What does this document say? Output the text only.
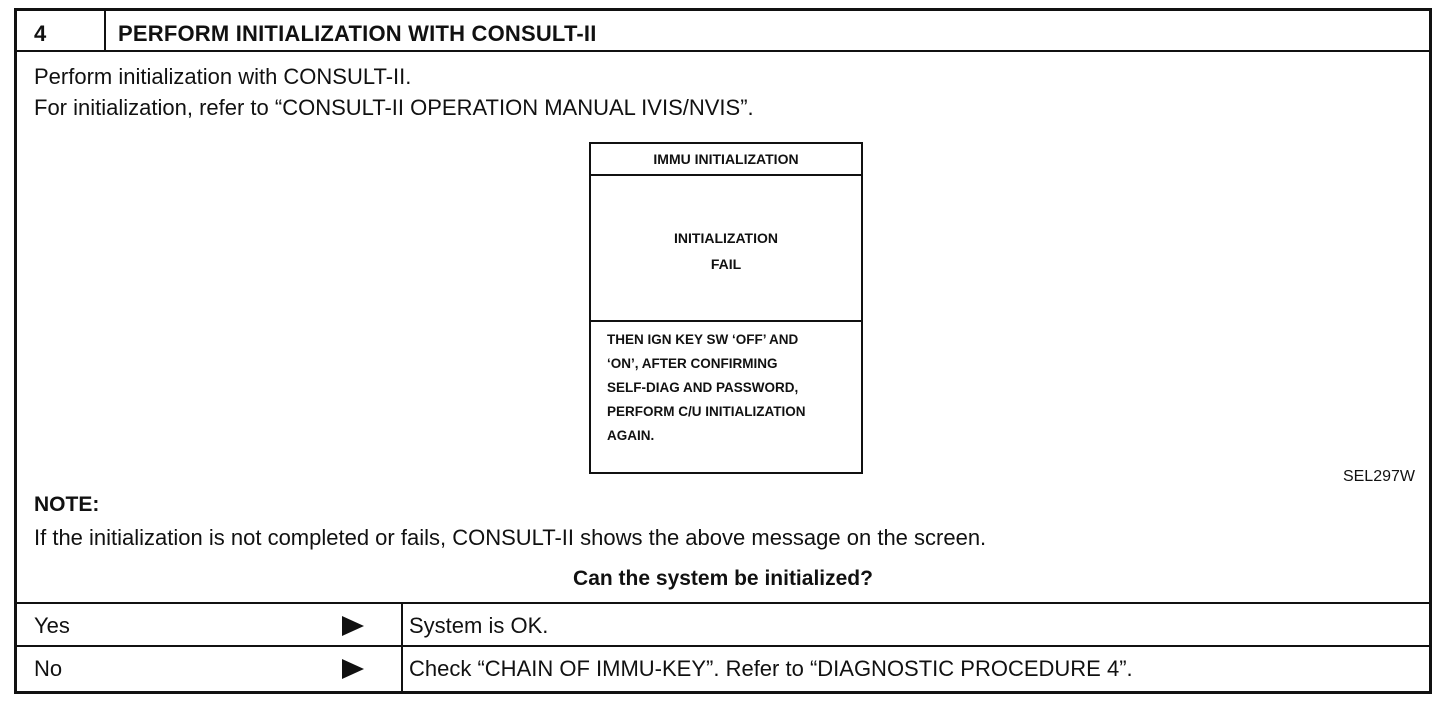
4	PERFORM INITIALIZATION WITH CONSULT-II
Perform initialization with CONSULT-II.
For initialization, refer to “CONSULT-II OPERATION MANUAL IVIS/NVIS”.
IMMU INITIALIZATION
INITIALIZATION
FAIL
THEN IGN KEY SW ‘OFF’ AND
‘ON’, AFTER CONFIRMING
SELF-DIAG AND PASSWORD,
PERFORM C/U INITIALIZATION
AGAIN.
SEL297W
NOTE:
If the initialization is not completed or fails, CONSULT-II shows the above message on the screen.
Can the system be initialized?
Yes	System is OK.
No	Check “CHAIN OF IMMU-KEY”. Refer to “DIAGNOSTIC PROCEDURE 4”.
